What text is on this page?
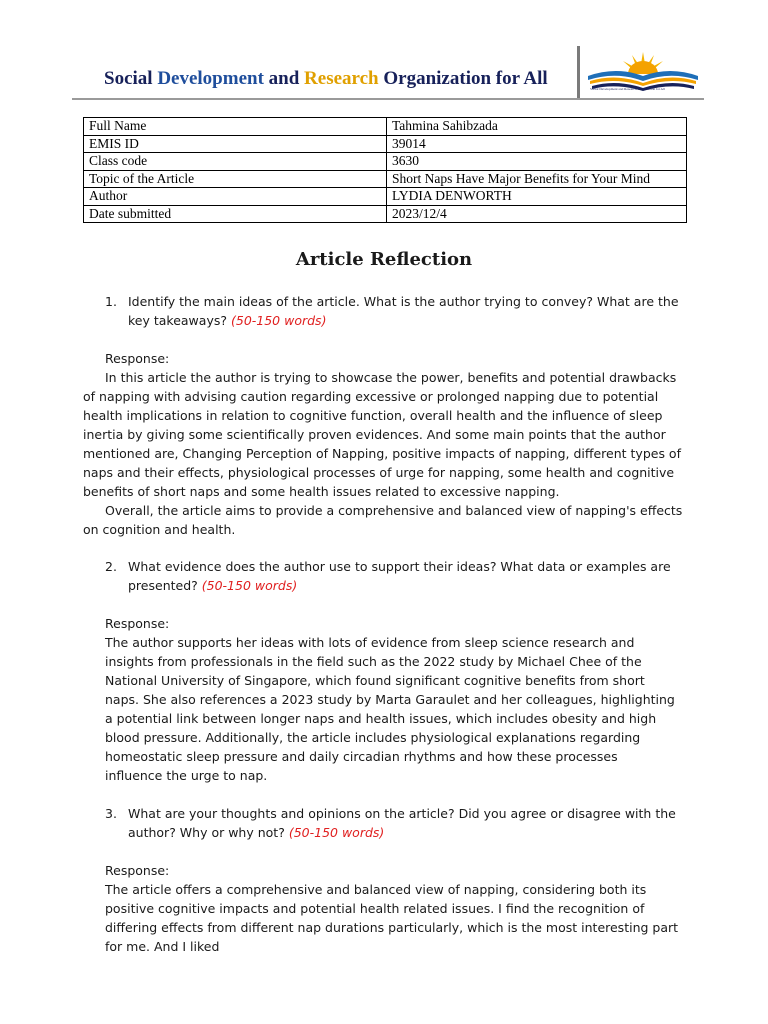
Social Development and Research Organization for All	Social Development and Research Organization for All
Full Name	Tahmina Sahibzada
EMIS ID	39014
Class code	3630
Topic of the Article	Short Naps Have Major Benefits for Your Mind
Author	LYDIA DENWORTH
Date submitted	2023/12/4
Article Reflection
1. Identify the main ideas of the article. What is the author trying to convey? What are the key takeaways? (50-150 words)
Response:
In this article the author is trying to showcase the power, benefits and potential drawbacks of napping with advising caution regarding excessive or prolonged napping due to potential health implications in relation to cognitive function, overall health and the influence of sleep inertia by giving some scientifically proven evidences. And some main points that the author mentioned are, Changing Perception of Napping, positive impacts of napping, different types of naps and their effects, physiological processes of urge for napping, some health and cognitive benefits of short naps and some health issues related to excessive napping.
Overall, the article aims to provide a comprehensive and balanced view of napping's effects on cognition and health.
2. What evidence does the author use to support their ideas? What data or examples are presented? (50-150 words)
Response:
The author supports her ideas with lots of evidence from sleep science research and insights from professionals in the field such as the 2022 study by Michael Chee of the National University of Singapore, which found significant cognitive benefits from short naps. She also references a 2023 study by Marta Garaulet and her colleagues, highlighting a potential link between longer naps and health issues, which includes obesity and high blood pressure. Additionally, the article includes physiological explanations regarding homeostatic sleep pressure and daily circadian rhythms and how these processes influence the urge to nap.
3. What are your thoughts and opinions on the article? Did you agree or disagree with the author? Why or why not? (50-150 words)
Response:
The article offers a comprehensive and balanced view of napping, considering both its positive cognitive impacts and potential health related issues. I find the recognition of differing effects from different nap durations particularly, which is the most interesting part for me. And I liked
